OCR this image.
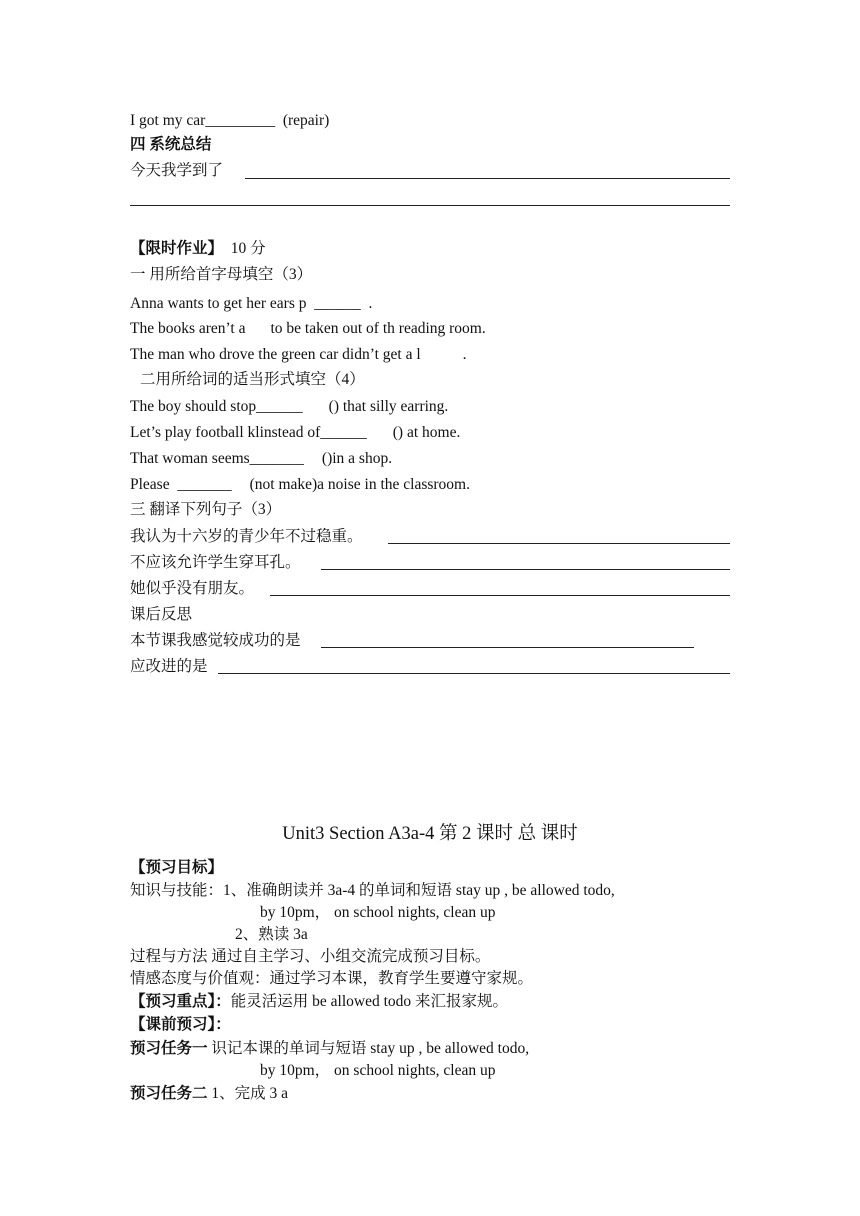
I got my car_________ (repair)
四 系统总结
今天我学到了
【限时作业】 10 分
一 用所给首字母填空（3）
Anna wants to get her ears p ______ .
The books aren’t a to be taken out of th reading room.
The man who drove the green car didn’t get a l	.
二用所给词的适当形式填空（4）
The boy should stop______ () that silly earring.
Let’s play football klinstead of______ () at home.
That woman seems_______ ()in a shop.
Please _______ (not make)a noise in the classroom.
三 翻译下列句子（3）
我认为十六岁的青少年不过稳重。
不应该允许学生穿耳孔。
她似乎没有朋友。
课后反思
本节课我感觉较成功的是
应改进的是
Unit3 Section A3a-4 第 2 课时 总 课时
【预习目标】
知识与技能：1、准确朗读并 3a-4 的单词和短语 stay up , be allowed todo,
by 10pm， on school nights, clean up
2、熟读 3a
过程与方法 通过自主学习、小组交流完成预习目标。
情感态度与价值观：通过学习本课，教育学生要遵守家规。
【预习重点】：能灵活运用 be allowed todo 来汇报家规。
【课前预习】：
预习任务一 识记本课的单词与短语 stay up , be allowed todo,
by 10pm， on school nights, clean up
预习任务二 1、完成 3 a
